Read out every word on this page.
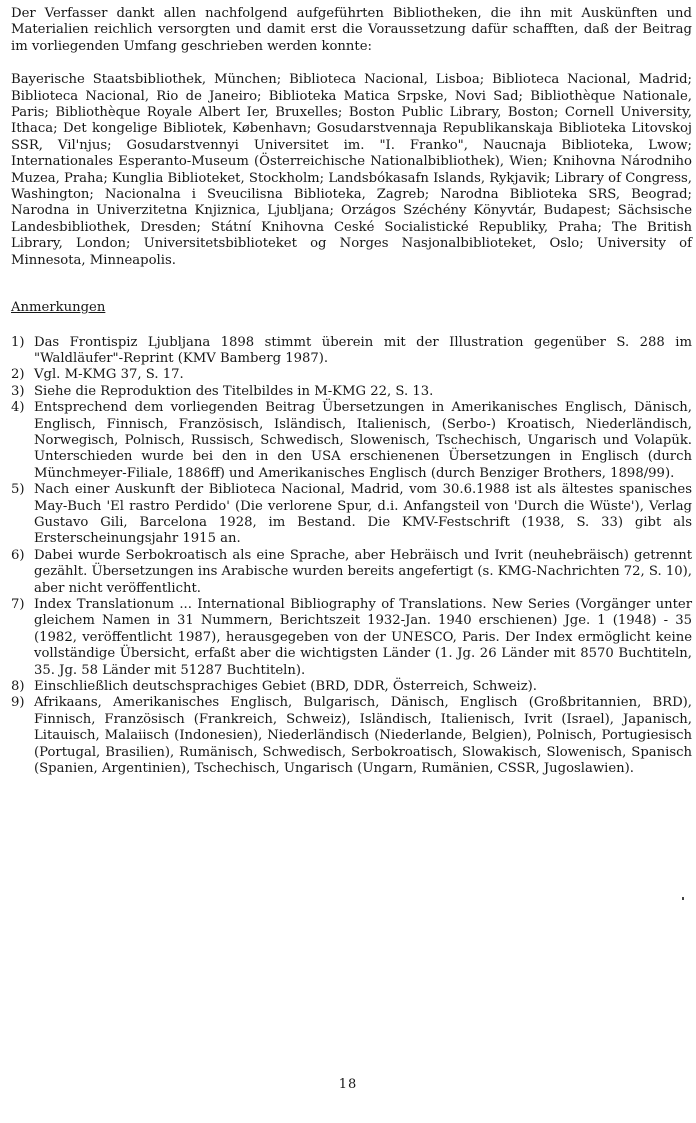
Der Verfasser dankt allen nachfolgend aufgeführten Bibliotheken, die ihn mit Auskünften und Materialien reichlich versorgten und damit erst die Voraussetzung dafür schafften, daß der Beitrag im vorliegenden Umfang geschrieben werden konnte:

Bayerische Staatsbibliothek, München; Biblioteca Nacional, Lisboa; Biblioteca Nacional, Madrid; Biblioteca Nacional, Rio de Janeiro; Biblioteka Matica Srpske, Novi Sad; Bibliothèque Nationale, Paris; Bibliothèque Royale Albert Ier, Bruxelles; Boston Public Library, Boston; Cornell University, Ithaca; Det kongelige Bibliotek, København; Gosudarstvennaja Republikanskaja Biblioteka Litovskoj SSR, Vil'njus; Gosudarstvennyi Universitet im. "I. Franko", Naucnaja Biblioteka, Lwow; Internationales Esperanto-Museum (Österreichische Nationalbibliothek), Wien; Knihovna Národniho Muzea, Praha; Kunglia Biblioteket, Stockholm; Landsbókasafn Islands, Rykjavik; Library of Congress, Washington; Nacionalna i Sveucilisna Biblioteka, Zagreb; Narodna Biblioteka SRS, Beograd; Narodna in Univerzitetna Knjiznica, Ljubljana; Orzágos Széchény Könyvtár, Budapest; Sächsische Landesbibliothek, Dresden; Státní Knihovna Ceské Socialistické Republiky, Praha; The British Library, London; Universitetsbiblioteket og Norges Nasjonalbiblioteket, Oslo; University of Minnesota, Minneapolis.

Anmerkungen
1) Das Frontispiz Ljubljana 1898 stimmt überein mit der Illustration gegenüber S. 288 im "Waldläufer"-Reprint (KMV Bamberg 1987).
2) Vgl. M-KMG 37, S. 17.
3) Siehe die Reproduktion des Titelbildes in M-KMG 22, S. 13.
4) Entsprechend dem vorliegenden Beitrag Übersetzungen in Amerikanisches Englisch, Dänisch, Englisch, Finnisch, Französisch, Isländisch, Italienisch, (Serbo-) Kroatisch, Niederländisch, Norwegisch, Polnisch, Russisch, Schwedisch, Slowenisch, Tschechisch, Ungarisch und Volapük. Unterschieden wurde bei den in den USA erschienenen Übersetzungen in Englisch (durch Münchmeyer-Filiale, 1886ff) und Amerikanisches Englisch (durch Benziger Brothers, 1898/99).
5) Nach einer Auskunft der Biblioteca Nacional, Madrid, vom 30.6.1988 ist als ältestes spanisches May-Buch 'El rastro Perdido' (Die verlorene Spur, d.i. Anfangsteil von 'Durch die Wüste'), Verlag Gustavo Gili, Barcelona 1928, im Bestand. Die KMV-Festschrift (1938, S. 33) gibt als Ersterscheinungsjahr 1915 an.
6) Dabei wurde Serbokroatisch als eine Sprache, aber Hebräisch und Ivrit (neuhebräisch) getrennt gezählt. Übersetzungen ins Arabische wurden bereits angefertigt (s. KMG-Nachrichten 72, S. 10), aber nicht veröffentlicht.
7) Index Translationum ... International Bibliography of Translations. New Series (Vorgänger unter gleichem Namen in 31 Nummern, Berichtszeit 1932-Jan. 1940 erschienen) Jge. 1 (1948) - 35 (1982, veröffentlicht 1987), herausgegeben von der UNESCO, Paris. Der Index ermöglicht keine vollständige Übersicht, erfaßt aber die wichtigsten Länder (1. Jg. 26 Länder mit 8570 Buchtiteln, 35. Jg. 58 Länder mit 51287 Buchtiteln).
8) Einschließlich deutschsprachiges Gebiet (BRD, DDR, Österreich, Schweiz).
9) Afrikaans, Amerikanisches Englisch, Bulgarisch, Dänisch, Englisch (Großbritannien, BRD), Finnisch, Französisch (Frankreich, Schweiz), Isländisch, Italienisch, Ivrit (Israel), Japanisch, Litauisch, Malaiisch (Indonesien), Niederländisch (Niederlande, Belgien), Polnisch, Portugiesisch (Portugal, Brasilien), Rumänisch, Schwedisch, Serbokroatisch, Slowakisch, Slowenisch, Spanisch (Spanien, Argentinien), Tschechisch, Ungarisch (Ungarn, Rumänien, CSSR, Jugoslawien).
18
